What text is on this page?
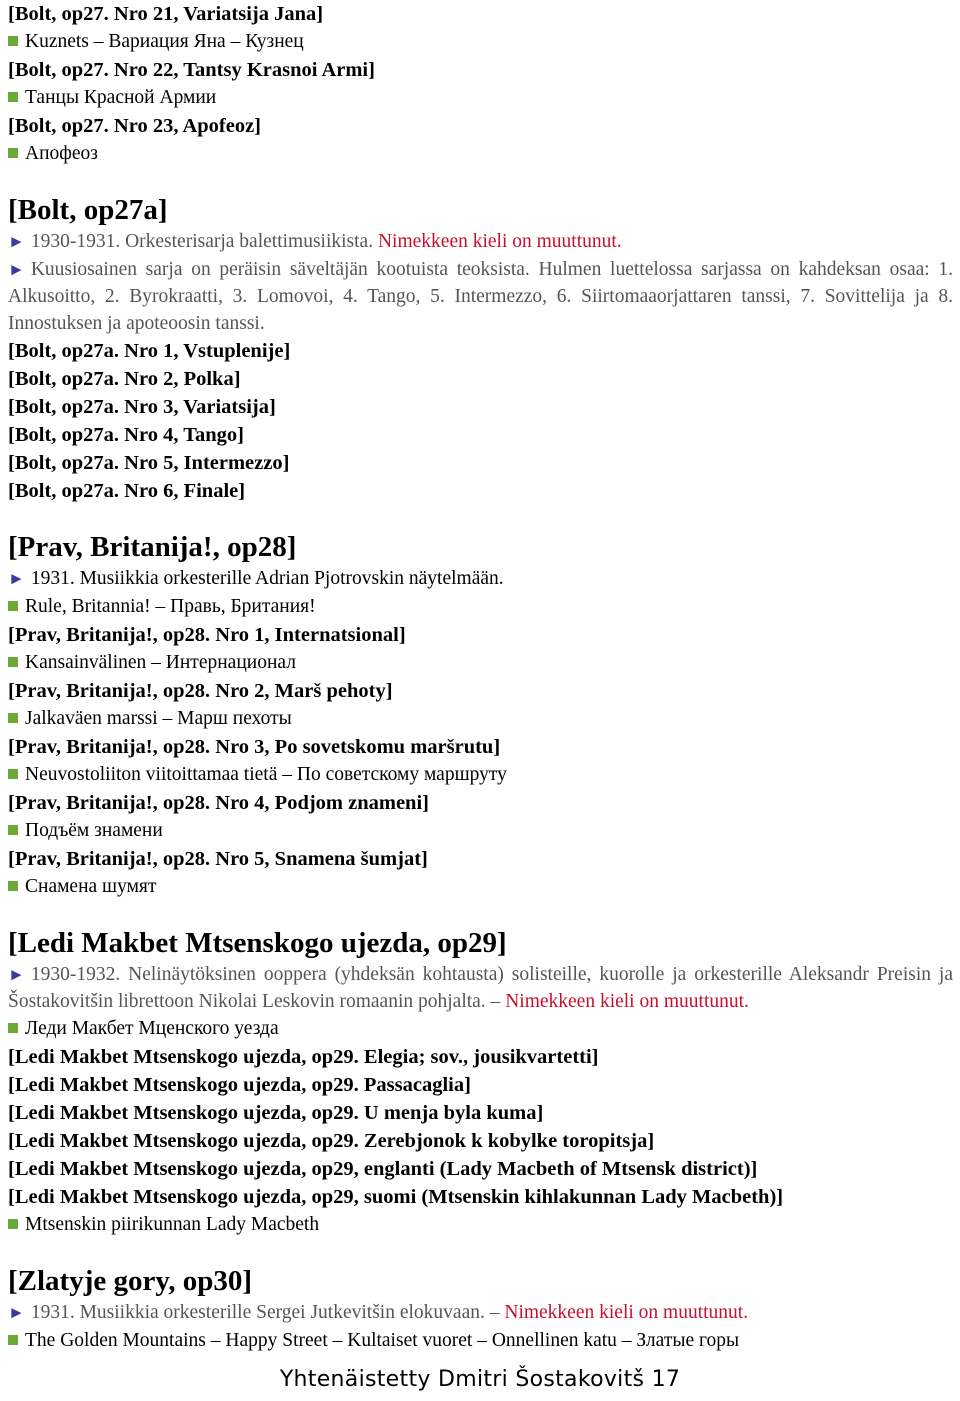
[Bolt, op27. Nro 21, Variatsija Jana]
Kuznets – Вариация Яна – Кузнец
[Bolt, op27. Nro 22, Tantsy Krasnoi Armi]
Танцы Красной Армии
[Bolt, op27. Nro 23, Apofeoz]
Апофеоз
[Bolt, op27a]
► 1930-1931. Orkesterisarja balettimusiikista. Nimekkeen kieli on muuttunut.
► Kuusiosainen sarja on peräisin säveltäjän kootuista teoksista. Hulmen luettelossa sarjassa on kahdeksan osaa: 1. Alkusoitto, 2. Byrokraatti, 3. Lomovoi, 4. Tango, 5. Intermezzo, 6. Siirtomaaorjattaren tanssi, 7. Sovittelija ja 8. Innostuksen ja apoteoosin tanssi.
[Bolt, op27a. Nro 1, Vstuplenije]
[Bolt, op27a. Nro 2, Polka]
[Bolt, op27a. Nro 3, Variatsija]
[Bolt, op27a. Nro 4, Tango]
[Bolt, op27a. Nro 5, Intermezzo]
[Bolt, op27a. Nro 6, Finale]
[Prav, Britanija!, op28]
► 1931. Musiikkia orkesterille Adrian Pjotrovskin näytelmään.
Rule, Britannia! – Правь, Британия!
[Prav, Britanija!, op28. Nro 1, Internatsional]
Kansainvälinen – Интернационал
[Prav, Britanija!, op28. Nro 2, Marš pehoty]
Jalkaväen marssi – Марш пехоты
[Prav, Britanija!, op28. Nro 3, Po sovetskomu maršrutu]
Neuvostoliiton viitoittamaa tietä – По советскому маршруту
[Prav, Britanija!, op28. Nro 4, Podjom znameni]
Подъём знамени
[Prav, Britanija!, op28. Nro 5, Snamena šumjat]
Снамена шумят
[Ledi Makbet Mtsenskogo ujezda, op29]
► 1930-1932. Nelinäytöksinen ooppera (yhdeksän kohtausta) solisteille, kuorolle ja orkesterille Aleksandr Preisin ja Šostakovitšin librettoon Nikolai Leskovin romaanin pohjalta. – Nimekkeen kieli on muuttunut.
Леди Макбет Мценского уезда
[Ledi Makbet Mtsenskogo ujezda, op29. Elegia; sov., jousikvartetti]
[Ledi Makbet Mtsenskogo ujezda, op29. Passacaglia]
[Ledi Makbet Mtsenskogo ujezda, op29. U menja byla kuma]
[Ledi Makbet Mtsenskogo ujezda, op29. Zerebjonok k kobylke toropitsja]
[Ledi Makbet Mtsenskogo ujezda, op29, englanti (Lady Macbeth of Mtsensk district)]
[Ledi Makbet Mtsenskogo ujezda, op29, suomi (Mtsenskin kihlakunnan Lady Macbeth)]
Mtsenskin piirikunnan Lady Macbeth
[Zlatyje gory, op30]
► 1931. Musiikkia orkesterille Sergei Jutkevitšin elokuvaan. – Nimekkeen kieli on muuttunut.
The Golden Mountains – Happy Street – Kultaiset vuoret – Onnellinen katu – Златые горы
Yhtenäistetty Dmitri Šostakovitš 17
